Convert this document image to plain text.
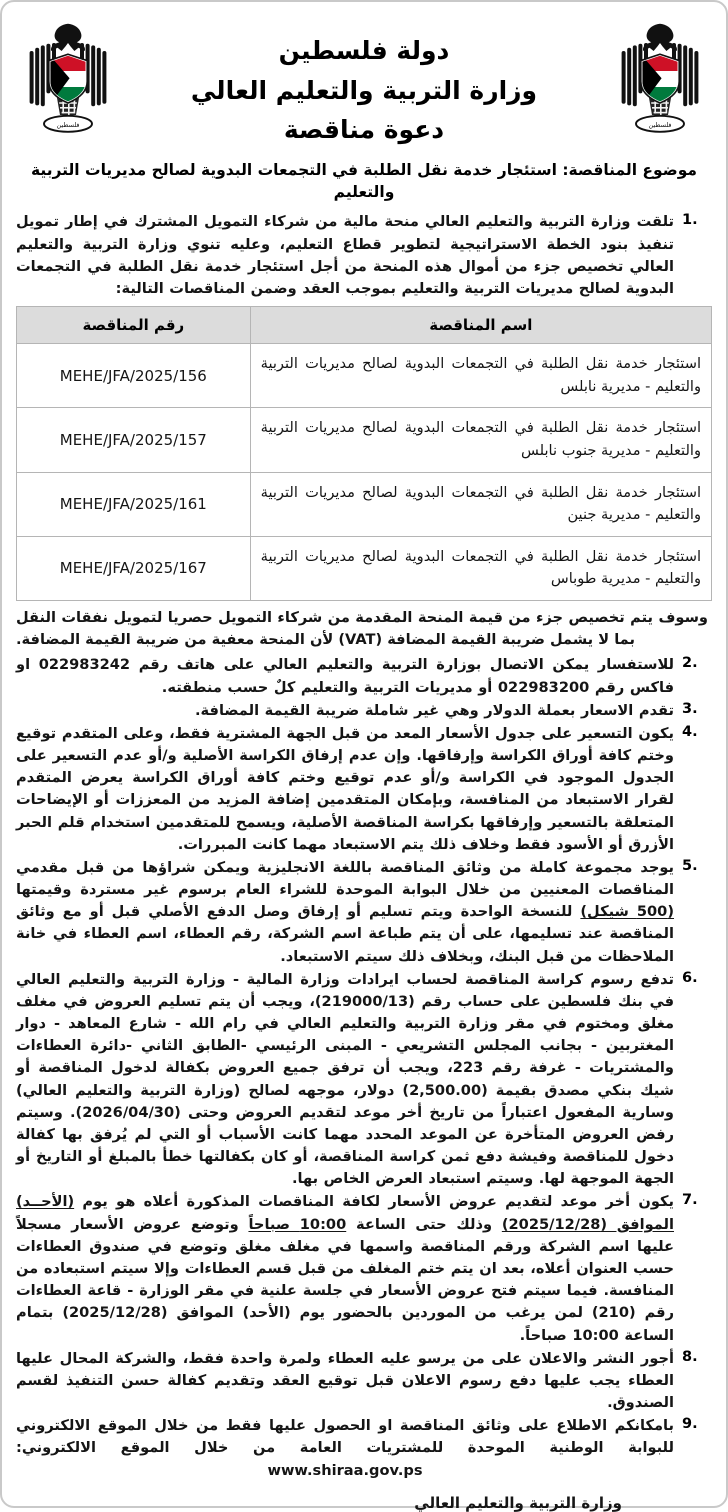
فلسطين
دولة فلسطين
وزارة التربية والتعليم العالي
دعوة مناقصة
فلسطين
موضوع المناقصة: استئجار خدمة نقل الطلبة في التجمعات البدوية لصالح مديريات التربية والتعليم
1.
تلقت وزارة التربية والتعليم العالي منحة مالية من شركاء التمويل المشترك في إطار تمويل تنفيذ بنود الخطة الاستراتيجية لتطوير قطاع التعليم، وعليه تنوي وزارة التربية والتعليم العالي تخصيص جزء من أموال هذه المنحة من أجل استئجار خدمة نقل الطلبة في التجمعات البدوية لصالح مديريات التربية والتعليم بموجب العقد وضمن المناقصات التالية:
اسم المناقصة	رقم المناقصة
استئجار خدمة نقل الطلبة في التجمعات البدوية لصالح مديريات التربية والتعليم - مديرية نابلس	MEHE/JFA/2025/156
استئجار خدمة نقل الطلبة في التجمعات البدوية لصالح مديريات التربية والتعليم - مديرية جنوب نابلس	MEHE/JFA/2025/157
استئجار خدمة نقل الطلبة في التجمعات البدوية لصالح مديريات التربية والتعليم - مديرية جنين	MEHE/JFA/2025/161
استئجار خدمة نقل الطلبة في التجمعات البدوية لصالح مديريات التربية والتعليم - مديرية طوباس	MEHE/JFA/2025/167
وسوف يتم تخصيص جزء من قيمة المنحة المقدمة من شركاء التمويل حصريا لتمويل نفقات النقل بما لا يشمل ضريبة القيمة المضافة (VAT) لأن المنحة معفية من ضريبة القيمة المضافة.
2.
للاستفسار يمكن الاتصال بوزارة التربية والتعليم العالي على هاتف رقم 022983242 او فاكس رقم 022983200 أو مديريات التربية والتعليم كلٌ حسب منطقته.
3.
تقدم الاسعار بعملة الدولار وهي غير شاملة ضريبة القيمة المضافة.
4.
يكون التسعير على جدول الأسعار المعد من قبل الجهة المشترية فقط، وعلى المتقدم توقيع وختم كافة أوراق الكراسة وإرفاقها. وإن عدم إرفاق الكراسة الأصلية و/أو عدم التسعير على الجدول الموجود في الكراسة و/أو عدم توقيع وختم كافة أوراق الكراسة يعرض المتقدم لقرار الاستبعاد من المنافسة، وبإمكان المتقدمين إضافة المزيد من المعززات أو الإيضاحات المتعلقة بالتسعير وإرفاقها بكراسة المناقصة الأصلية، ويسمح للمتقدمين استخدام قلم الحبر الأزرق أو الأسود فقط وخلاف ذلك يتم الاستبعاد مهما كانت المبررات.
5.
يوجد مجموعة كاملة من وثائق المناقصة باللغة الانجليزية ويمكن شراؤها من قبل مقدمي المناقصات المعنيين من خلال البوابة الموحدة للشراء العام برسوم غير مستردة وقيمتها (500 شيكل) للنسخة الواحدة ويتم تسليم أو إرفاق وصل الدفع الأصلي قبل أو مع وثائق المناقصة عند تسليمها، على أن يتم طباعة اسم الشركة، رقم العطاء، اسم العطاء في خانة الملاحظات من قبل البنك، وبخلاف ذلك سيتم الاستبعاد.
6.
تدفع رسوم كراسة المناقصة لحساب ايرادات وزارة المالية - وزارة التربية والتعليم العالي في بنك فلسطين على حساب رقم (219000/13)، ويجب أن يتم تسليم العروض في مغلف مغلق ومختوم في مقر وزارة التربية والتعليم العالي في رام الله - شارع المعاهد - دوار المغتربين - بجانب المجلس التشريعي - المبنى الرئيسي -الطابق الثاني -دائرة العطاءات والمشتريات - غرفة رقم 223، ويجب أن ترفق جميع العروض بكفالة لدخول المناقصة أو شيك بنكي مصدق بقيمة (2,500.00) دولار، موجهه لصالح (وزارة التربية والتعليم العالي) وسارية المفعول اعتباراً من تاريخ أخر موعد لتقديم العروض وحتى (2026/04/30). وسيتم رفض العروض المتأخرة عن الموعد المحدد مهما كانت الأسباب أو التي لم يُرفق بها كفالة دخول للمناقصة وفيشة دفع ثمن كراسة المناقصة، أو كان بكفالتها خطأ بالمبلغ أو التاريخ أو الجهة الموجهة لها. وسيتم استبعاد العرض الخاص بها.
7.
يكون أخر موعد لتقديم عروض الأسعار لكافة المناقصات المذكورة أعلاه هو يوم (الأحــد) الموافق (2025/12/28) وذلك حتى الساعة 10:00 صباحاً وتوضع عروض الأسعار مسجلاً عليها اسم الشركة ورقم المناقصة واسمها في مغلف مغلق وتوضع في صندوق العطاءات حسب العنوان أعلاه، بعد ان يتم ختم المغلف من قبل قسم العطاءات وإلا سيتم استبعاده من المنافسة. فيما سيتم فتح عروض الأسعار في جلسة علنية في مقر الوزارة - قاعة العطاءات رقم (210) لمن يرغب من الموردين بالحضور يوم (الأحد) الموافق (2025/12/28) بتمام الساعة 10:00 صباحاً.
8.
أجور النشر والاعلان على من يرسو عليه العطاء ولمرة واحدة فقط، والشركة المحال عليها العطاء يجب عليها دفع رسوم الاعلان قبل توقيع العقد وتقديم كفالة حسن التنفيذ لقسم الصندوق.
9.
بامكانكم الاطلاع على وثائق المناقصة او الحصول عليها فقط من خلال الموقع الالكتروني للبوابة الوطنية الموحدة للمشتريات العامة من خلال الموقع الالكتروني: www.shiraa.gov.ps
وزارة التربية والتعليم العالي
